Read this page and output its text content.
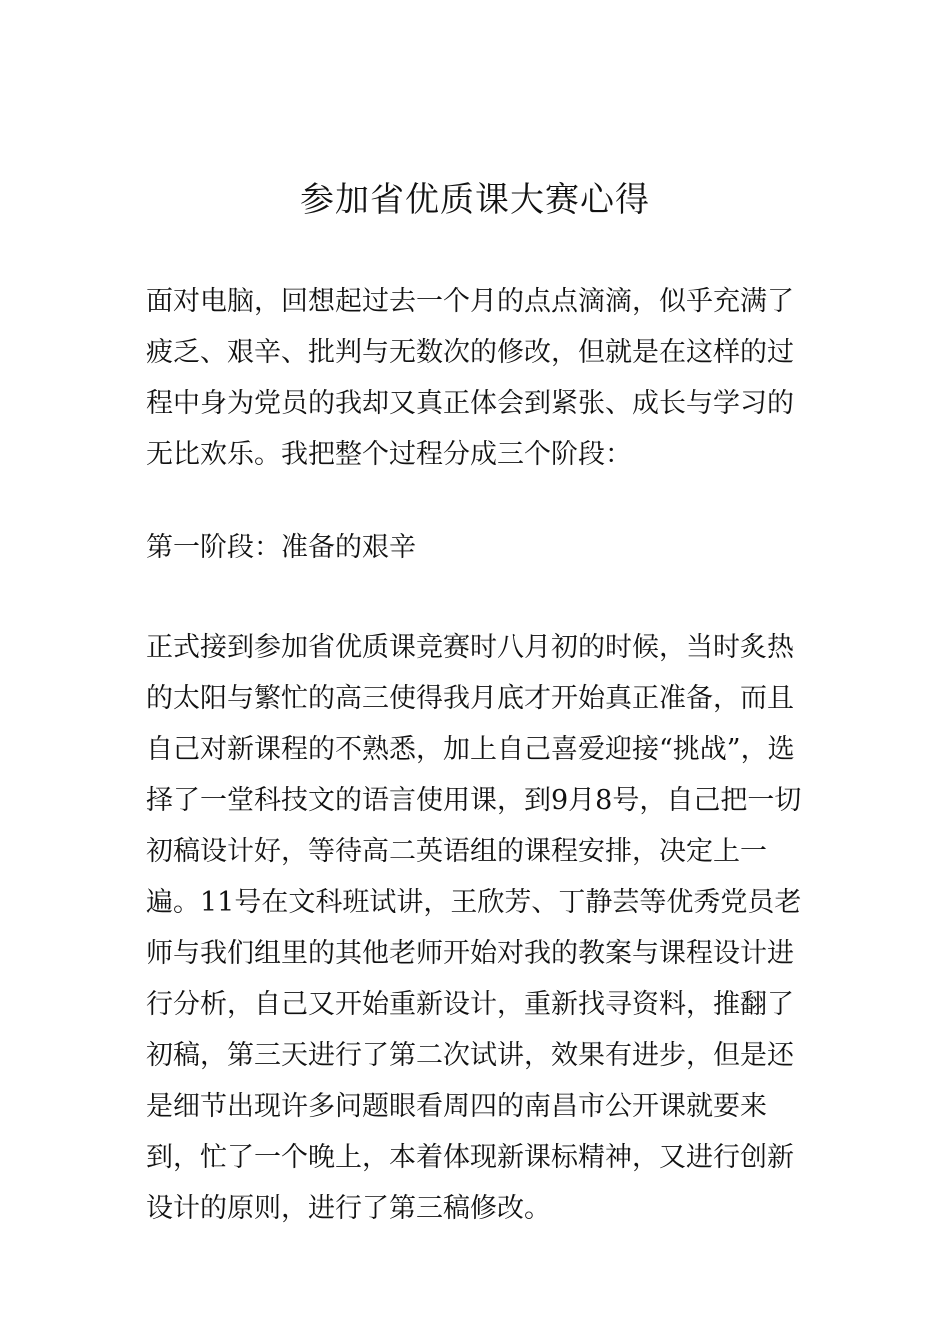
参加省优质课大赛心得
面对电脑，回想起过去一个月的点点滴滴，似乎充满了疲乏、艰辛、批判与无数次的修改，但就是在这样的过程中身为党员的我却又真正体会到紧张、成长与学习的无比欢乐。我把整个过程分成三个阶段：
第一阶段：准备的艰辛
正式接到参加省优质课竞赛时八月初的时候，当时炙热的太阳与繁忙的高三使得我月底才开始真正准备，而且自己对新课程的不熟悉，加上自己喜爱迎接“挑战”，选择了一堂科技文的语言使用课，到9月8号，自己把一切初稿设计好，等待高二英语组的课程安排，决定上一遍。11号在文科班试讲，王欣芳、丁静芸等优秀党员老师与我们组里的其他老师开始对我的教案与课程设计进行分析，自己又开始重新设计，重新找寻资料，推翻了初稿，第三天进行了第二次试讲，效果有进步，但是还是细节出现许多问题眼看周四的南昌市公开课就要来到，忙了一个晚上，本着体现新课标精神，又进行创新设计的原则，进行了第三稿修改。
